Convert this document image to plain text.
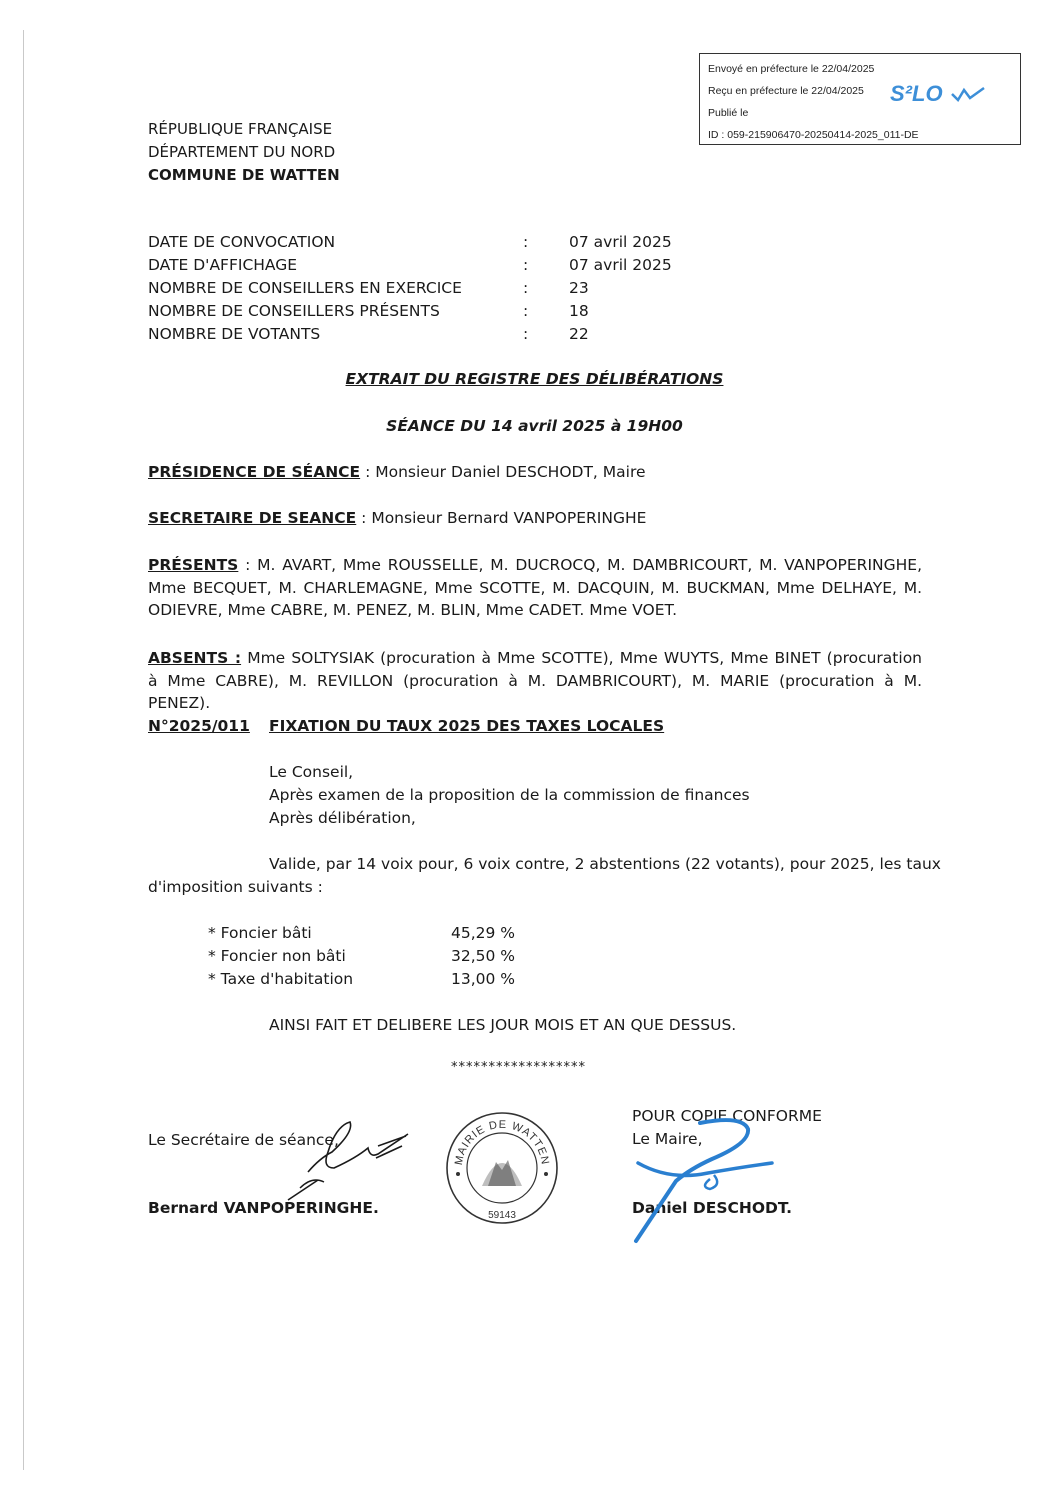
Envoyé en préfecture le 22/04/2025
Reçu en préfecture le 22/04/2025
Publié le
ID : 059-215906470-20250414-2025_011-DE
S²LO
RÉPUBLIQUE FRANÇAISE
DÉPARTEMENT DU NORD
COMMUNE DE WATTEN
DATE DE CONVOCATION	:	07 avril 2025
DATE D'AFFICHAGE	:	07 avril 2025
NOMBRE DE CONSEILLERS EN EXERCICE	:	23
NOMBRE DE CONSEILLERS PRÉSENTS	:	18
NOMBRE DE VOTANTS	:	22
EXTRAIT DU REGISTRE DES DÉLIBÉRATIONS
SÉANCE DU 14 avril 2025 à 19H00
PRÉSIDENCE DE SÉANCE : Monsieur Daniel DESCHODT, Maire
SECRETAIRE DE SEANCE : Monsieur Bernard VANPOPERINGHE
PRÉSENTS : M. AVART, Mme ROUSSELLE, M. DUCROCQ, M. DAMBRICOURT, M. VANPOPERINGHE, Mme BECQUET, M. CHARLEMAGNE, Mme SCOTTE, M. DACQUIN, M. BUCKMAN, Mme DELHAYE, M. ODIEVRE, Mme CABRE, M. PENEZ, M. BLIN, Mme CADET. Mme VOET.
ABSENTS : Mme SOLTYSIAK (procuration à Mme SCOTTE), Mme WUYTS, Mme BINET (procuration à Mme CABRE), M. REVILLON (procuration à M. DAMBRICOURT), M. MARIE (procuration à M. PENEZ).
N°2025/011 FIXATION DU TAUX 2025 DES TAXES LOCALES
Le Conseil,
Après examen de la proposition de la commission de finances
Après délibération,
Valide, par 14 voix pour, 6 voix contre, 2 abstentions (22 votants), pour 2025, les taux
d'imposition suivants :
* Foncier bâti	45,29 %
* Foncier non bâti	32,50 %
* Taxe d'habitation	13,00 %
AINSI FAIT ET DELIBERE LES JOUR MOIS ET AN QUE DESSUS.
******************
Le Secrétaire de séance,
Bernard VANPOPERINGHE.
POUR COPIE CONFORME
Le Maire,
Daniel DESCHODT.
MAIRIE DE WATTEN
59143
